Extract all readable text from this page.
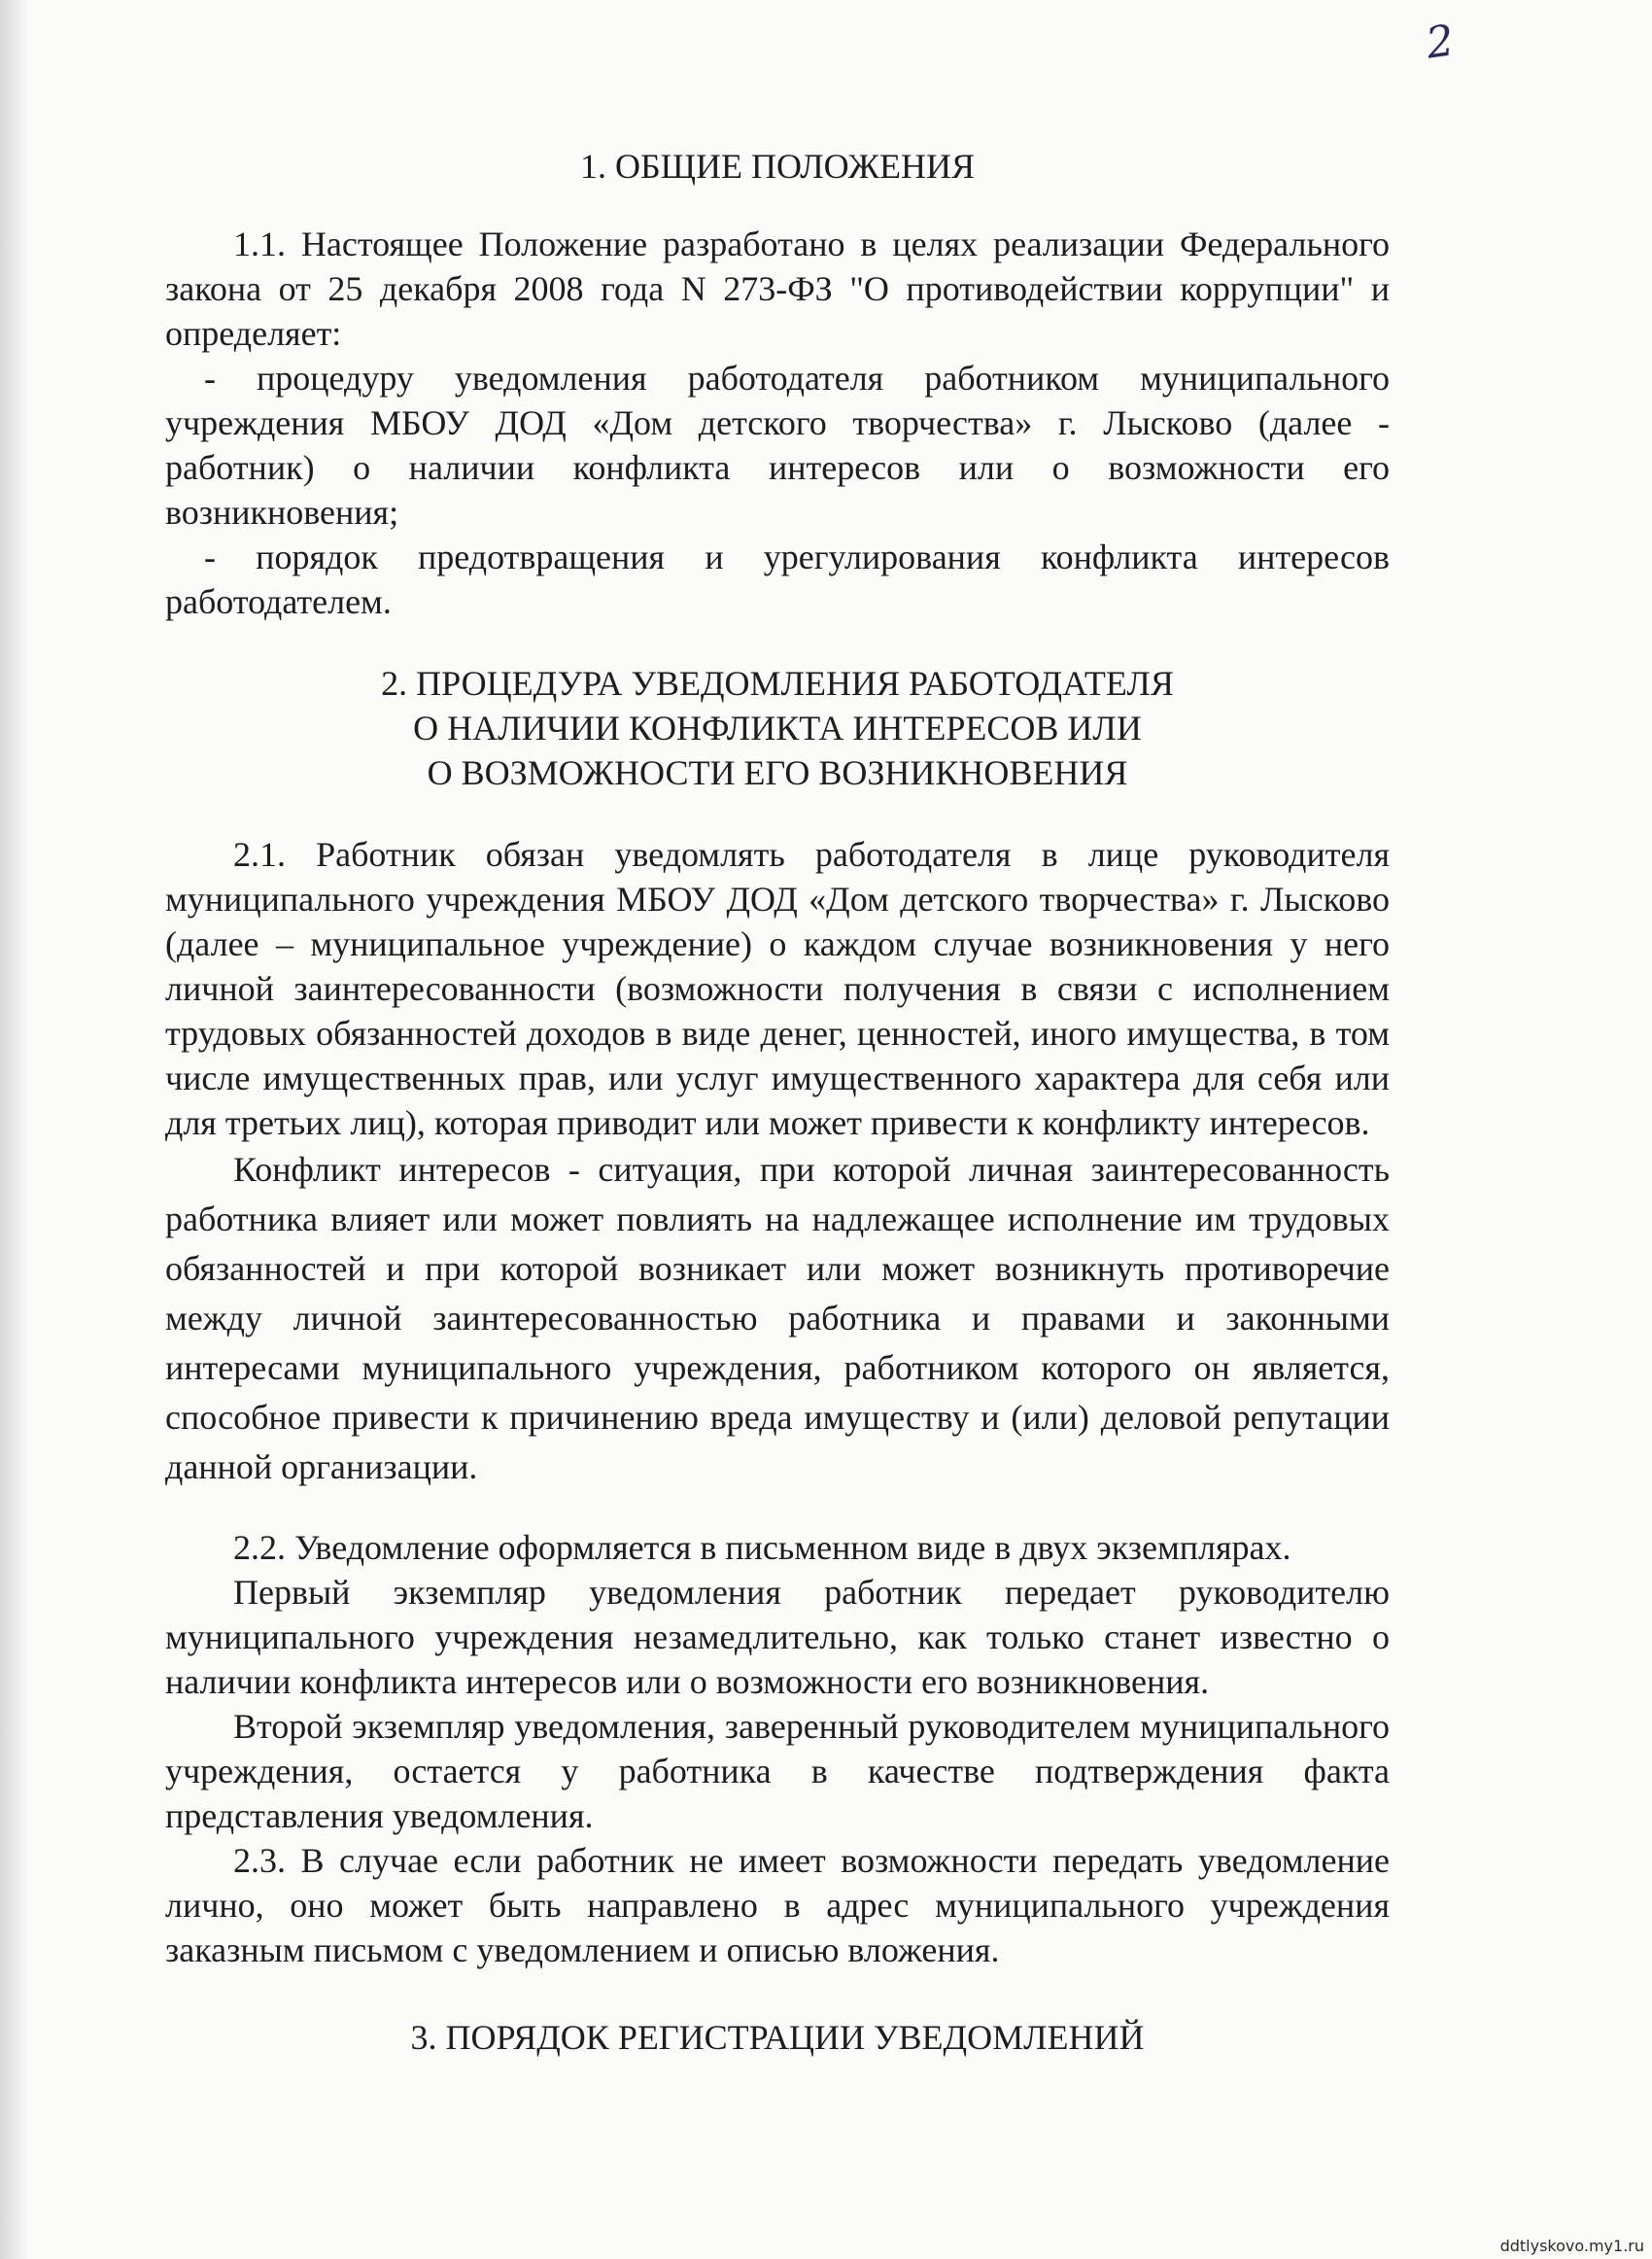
2
1. ОБЩИЕ ПОЛОЖЕНИЯ

1.1. Настоящее Положение разработано в целях реализации Федерального закона от 25 декабря 2008 года N 273-ФЗ "О противодействии коррупции" и определяет:

- процедуру уведомления работодателя работником муниципального учреждения МБОУ ДОД «Дом детского творчества» г. Лысково (далее - работник) о наличии конфликта интересов или о возможности его возникновения;

- порядок предотвращения и урегулирования конфликта интересов работодателем.

2. ПРОЦЕДУРА УВЕДОМЛЕНИЯ РАБОТОДАТЕЛЯ
О НАЛИЧИИ КОНФЛИКТА ИНТЕРЕСОВ ИЛИ
О ВОЗМОЖНОСТИ ЕГО ВОЗНИКНОВЕНИЯ

2.1. Работник обязан уведомлять работодателя в лице руководителя муниципального учреждения МБОУ ДОД «Дом детского творчества» г. Лысково (далее – муниципальное учреждение) о каждом случае возникновения у него личной заинтересованности (возможности получения в связи с исполнением трудовых обязанностей доходов в виде денег, ценностей, иного имущества, в том числе имущественных прав, или услуг имущественного характера для себя или для третьих лиц), которая приводит или может привести к конфликту интересов.

Конфликт интересов - ситуация, при которой личная заинтересованность работника влияет или может повлиять на надлежащее исполнение им трудовых обязанностей и при которой возникает или может возникнуть противоречие между личной заинтересованностью работника и правами и законными интересами муниципального учреждения, работником которого он является, способное привести к причинению вреда имуществу и (или) деловой репутации данной организации.

2.2. Уведомление оформляется в письменном виде в двух экземплярах.

Первый экземпляр уведомления работник передает руководителю муниципального учреждения незамедлительно, как только станет известно о наличии конфликта интересов или о возможности его возникновения.

Второй экземпляр уведомления, заверенный руководителем муниципального учреждения, остается у работника в качестве подтверждения факта представления уведомления.

2.3. В случае если работник не имеет возможности передать уведомление лично, оно может быть направлено в адрес муниципального учреждения заказным письмом с уведомлением и описью вложения.

3. ПОРЯДОК РЕГИСТРАЦИИ УВЕДОМЛЕНИЙ
ddtlyskovo.my1.ru
